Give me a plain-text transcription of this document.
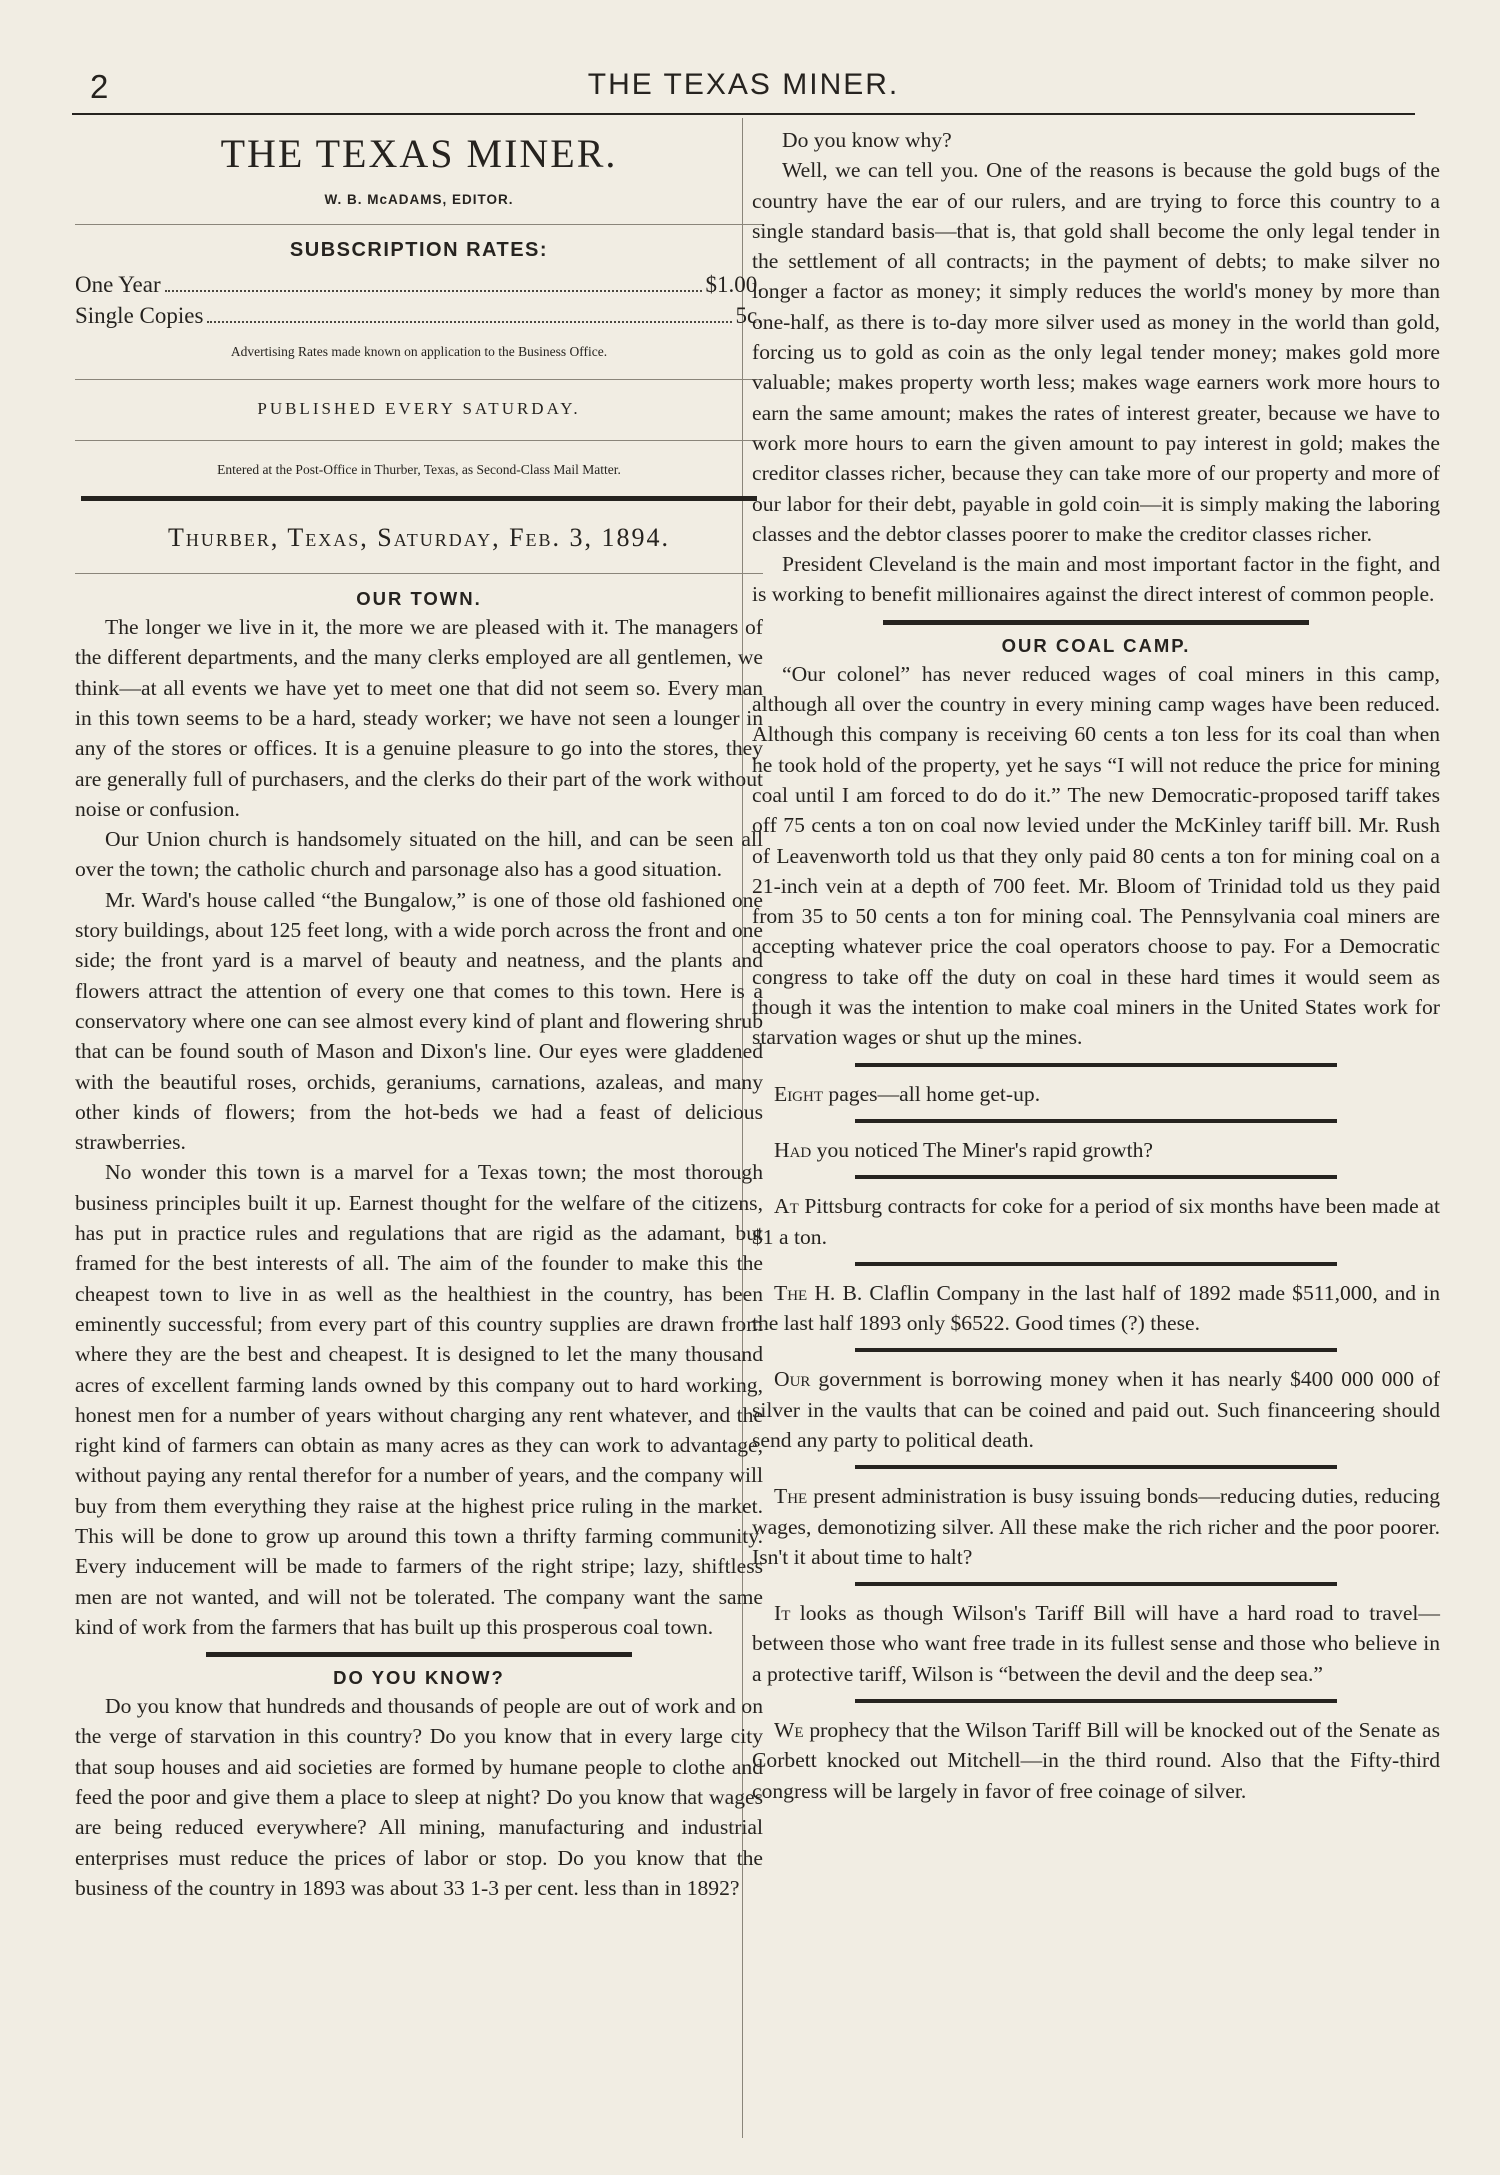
2	THE TEXAS MINER.
THE TEXAS MINER.
W. B. McADAMS, EDITOR.
SUBSCRIPTION RATES:
One Year	$1.00.
Single Copies	5c.
Advertising Rates made known on application to the Business Office.
PUBLISHED EVERY SATURDAY.
Entered at the Post-Office in Thurber, Texas, as Second-Class Mail Matter.
Thurber, Texas, Saturday, Feb. 3, 1894.
OUR TOWN.

The longer we live in it, the more we are pleased with it. The managers of the different departments, and the many clerks employed are all gentlemen, we think—at all events we have yet to meet one that did not seem so. Every man in this town seems to be a hard, steady worker; we have not seen a lounger in any of the stores or offices. It is a genuine pleasure to go into the stores, they are generally full of purchasers, and the clerks do their part of the work without noise or confusion.

Our Union church is handsomely situated on the hill, and can be seen all over the town; the catholic church and parsonage also has a good situation.

Mr. Ward's house called “the Bungalow,” is one of those old fashioned one story buildings, about 125 feet long, with a wide porch across the front and one side; the front yard is a marvel of beauty and neatness, and the plants and flowers attract the attention of every one that comes to this town. Here is a conservatory where one can see almost every kind of plant and flowering shrub that can be found south of Mason and Dixon's line. Our eyes were gladdened with the beautiful roses, orchids, geraniums, carnations, azaleas, and many other kinds of flowers; from the hot-beds we had a feast of delicious strawberries.

No wonder this town is a marvel for a Texas town; the most thorough business principles built it up. Earnest thought for the welfare of the citizens, has put in practice rules and regulations that are rigid as the adamant, but framed for the best interests of all. The aim of the founder to make this the cheapest town to live in as well as the healthiest in the country, has been eminently successful; from every part of this country supplies are drawn from where they are the best and cheapest. It is designed to let the many thousand acres of excellent farming lands owned by this company out to hard working, honest men for a number of years without charging any rent whatever, and the right kind of farmers can obtain as many acres as they can work to advantage, without paying any rental therefor for a number of years, and the company will buy from them everything they raise at the highest price ruling in the market. This will be done to grow up around this town a thrifty farming community. Every inducement will be made to farmers of the right stripe; lazy, shiftless men are not wanted, and will not be tolerated. The company want the same kind of work from the farmers that has built up this prosperous coal town.

DO YOU KNOW?

Do you know that hundreds and thousands of people are out of work and on the verge of starvation in this country? Do you know that in every large city that soup houses and aid societies are formed by humane people to clothe and feed the poor and give them a place to sleep at night? Do you know that wages are being reduced everywhere? All mining, manufacturing and industrial enterprises must reduce the prices of labor or stop. Do you know that the business of the country in 1893 was about 33 1-3 per cent. less than in 1892?

Do you know why?

Well, we can tell you. One of the reasons is because the gold bugs of the country have the ear of our rulers, and are trying to force this country to a single standard basis—that is, that gold shall become the only legal tender in the settlement of all contracts; in the payment of debts; to make silver no longer a factor as money; it simply reduces the world's money by more than one-half, as there is to-day more silver used as money in the world than gold, forcing us to gold as coin as the only legal tender money; makes gold more valuable; makes property worth less; makes wage earners work more hours to earn the same amount; makes the rates of interest greater, because we have to work more hours to earn the given amount to pay interest in gold; makes the creditor classes richer, because they can take more of our property and more of our labor for their debt, payable in gold coin—it is simply making the laboring classes and the debtor classes poorer to make the creditor classes richer.

President Cleveland is the main and most important factor in the fight, and is working to benefit millionaires against the direct interest of common people.

OUR COAL CAMP.

“Our colonel” has never reduced wages of coal miners in this camp, although all over the country in every mining camp wages have been reduced. Although this company is receiving 60 cents a ton less for its coal than when he took hold of the property, yet he says “I will not reduce the price for mining coal until I am forced to do do it.” The new Democratic-proposed tariff takes off 75 cents a ton on coal now levied under the McKinley tariff bill. Mr. Rush of Leavenworth told us that they only paid 80 cents a ton for mining coal on a 21-inch vein at a depth of 700 feet. Mr. Bloom of Trinidad told us they paid from 35 to 50 cents a ton for mining coal. The Pennsylvania coal miners are accepting whatever price the coal operators choose to pay. For a Democratic congress to take off the duty on coal in these hard times it would seem as though it was the intention to make coal miners in the United States work for starvation wages or shut up the mines.

Eight pages—all home get-up.

Had you noticed The Miner's rapid growth?

At Pittsburg contracts for coke for a period of six months have been made at $1 a ton.

The H. B. Claflin Company in the last half of 1892 made $511,000, and in the last half 1893 only $6522. Good times (?) these.

Our government is borrowing money when it has nearly $400 000 000 of silver in the vaults that can be coined and paid out. Such financeering should send any party to political death.

The present administration is busy issuing bonds—reducing duties, reducing wages, demonotizing silver. All these make the rich richer and the poor poorer. Isn't it about time to halt?

It looks as though Wilson's Tariff Bill will have a hard road to travel—between those who want free trade in its fullest sense and those who believe in a protective tariff, Wilson is “between the devil and the deep sea.”

We prophecy that the Wilson Tariff Bill will be knocked out of the Senate as Corbett knocked out Mitchell—in the third round. Also that the Fifty-third congress will be largely in favor of free coinage of silver.
